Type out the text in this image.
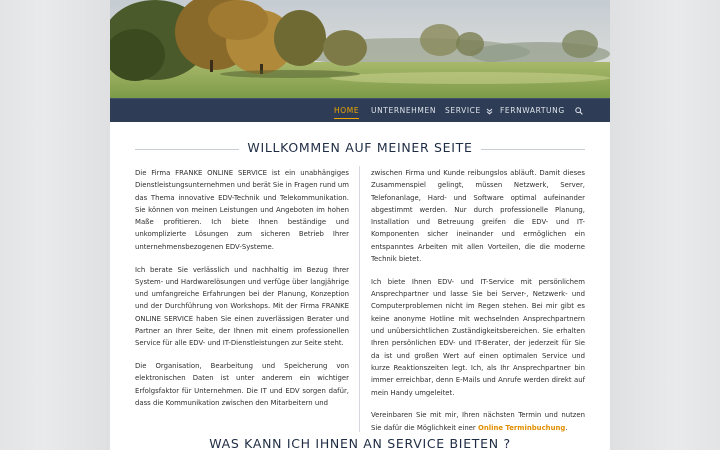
HOME UNTERNEHMEN SERVICE	FERNWARTUNG
WILLKOMMEN AUF MEINER SEITE

Die Firma FRANKE ONLINE SERVICE ist ein unabhängiges Dienstleistungsunternehmen und berät Sie in Fragen rund um das Thema innovative EDV-Technik und Telekommunikation. Sie können von meinen Leistungen und Angeboten im hohen Maße profitieren. Ich biete Ihnen beständige und unkomplizierte Lösungen zum sicheren Betrieb Ihrer unternehmensbezogenen EDV-Systeme.

Ich berate Sie verlässlich und nachhaltig im Bezug Ihrer System- und Hardwarelösungen und verfüge über langjährige und umfangreiche Erfahrungen bei der Planung, Konzeption und der Durchführung von Workshops. Mit der Firma FRANKE ONLINE SERVICE haben Sie einen zuverlässigen Berater und Partner an Ihrer Seite, der Ihnen mit einem professionellen Service für alle EDV- und IT-Dienstleistungen zur Seite steht.

Die Organisation, Bearbeitung und Speicherung von elektronischen Daten ist unter anderem ein wichtiger Erfolgsfaktor für Unternehmen. Die IT und EDV sorgen dafür, dass die Kommunikation zwischen den Mitarbeitern und

zwischen Firma und Kunde reibungslos abläuft. Damit dieses Zusammenspiel gelingt, müssen Netzwerk, Server, Telefonanlage, Hard- und Software optimal aufeinander abgestimmt werden. Nur durch professionelle Planung, Installation und Betreuung greifen die EDV- und IT-Komponenten sicher ineinander und ermöglichen ein entspanntes Arbeiten mit allen Vorteilen, die die moderne Technik bietet.

Ich biete Ihnen EDV- und IT-Service mit persönlichem Ansprechpartner und lasse Sie bei Server-, Netzwerk- und Computerproblemen nicht im Regen stehen. Bei mir gibt es keine anonyme Hotline mit wechselnden Ansprechpartnern und unübersichtlichen Zuständigkeitsbereichen. Sie erhalten Ihren persönlichen EDV- und IT-Berater, der jederzeit für Sie da ist und großen Wert auf einen optimalen Service und kurze Reaktionszeiten legt. Ich, als Ihr Ansprechpartner bin immer erreichbar, denn E-Mails und Anrufe werden direkt auf mein Handy umgeleitet.

Vereinbaren Sie mit mir, Ihren nächsten Termin und nutzen Sie dafür die Möglichkeit einer Online Terminbuchung.

WAS KANN ICH IHNEN AN SERVICE BIETEN ?
